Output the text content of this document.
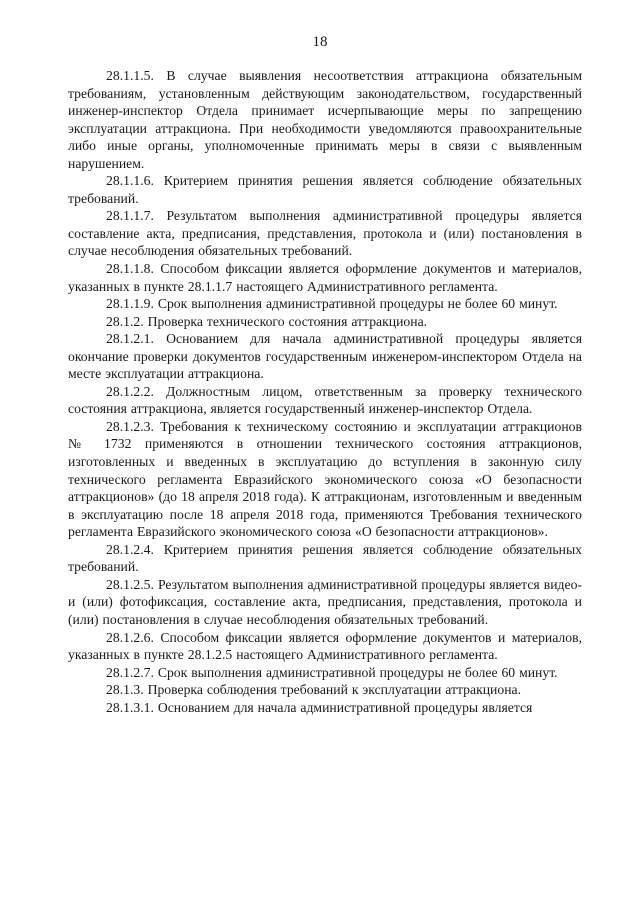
18

28.1.1.5. В случае выявления несоответствия аттракциона обязательным требованиям, установленным действующим законодательством, государственный инженер-инспектор Отдела принимает исчерпывающие меры по запрещению эксплуатации аттракциона. При необходимости уведомляются правоохранительные либо иные органы, уполномоченные принимать меры в связи с выявленным нарушением.

28.1.1.6. Критерием принятия решения является соблюдение обязательных требований.

28.1.1.7. Результатом выполнения административной процедуры является составление акта, предписания, представления, протокола и (или) постановления в случае несоблюдения обязательных требований.

28.1.1.8. Способом фиксации является оформление документов и материалов, указанных в пункте 28.1.1.7 настоящего Административного регламента.

28.1.1.9. Срок выполнения административной процедуры не более 60 минут.

28.1.2. Проверка технического состояния аттракциона.

28.1.2.1. Основанием для начала административной процедуры является окончание проверки документов государственным инженером-инспектором Отдела на месте эксплуатации аттракциона.

28.1.2.2. Должностным лицом, ответственным за проверку технического состояния аттракциона, является государственный инженер-инспектор Отдела.

28.1.2.3. Требования к техническому состоянию и эксплуатации аттракционов № 1732 применяются в отношении технического состояния аттракционов, изготовленных и введенных в эксплуатацию до вступления в законную силу технического регламента Евразийского экономического союза «О безопасности аттракционов» (до 18 апреля 2018 года). К аттракционам, изготовленным и введенным в эксплуатацию после 18 апреля 2018 года, применяются Требования технического регламента Евразийского экономического союза «О безопасности аттракционов».

28.1.2.4. Критерием принятия решения является соблюдение обязательных требований.

28.1.2.5. Результатом выполнения административной процедуры является видео- и (или) фотофиксация, составление акта, предписания, представления, протокола и (или) постановления в случае несоблюдения обязательных требований.

28.1.2.6. Способом фиксации является оформление документов и материалов, указанных в пункте 28.1.2.5 настоящего Административного регламента.

28.1.2.7. Срок выполнения административной процедуры не более 60 минут.

28.1.3. Проверка соблюдения требований к эксплуатации аттракциона.

28.1.3.1. Основанием для начала административной процедуры является
